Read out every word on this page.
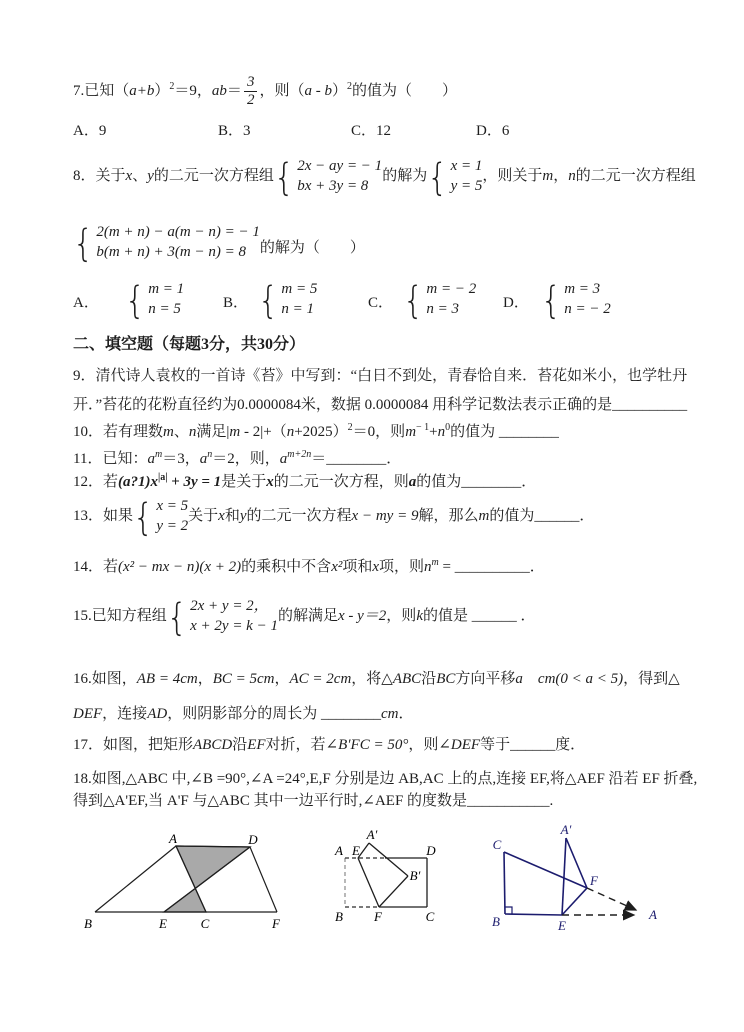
7.已知$(a+b)^2=9$，$ab= \frac{3}{2}$ ，则（a - b）$^2$的值为（　　）
A．9	B．3	C．12	D．6
8．关于x、y的二元一次方程组 { 2x − ay = − 1
bx + 3y = 8
的解为 { x = 1
y = 5
，则关于m，n的二元一次方程组
{ 2(m + n) − a(m − n) = − 1
b(m + n) + 3(m − n) = 8 的解为（　　）
A． { m = 1
n = 5	B． { m = 5
n = 1	C． { m = − 2
n = 3	D． { m = 3
n = − 2
二、填空题（每题3分，共30分）
9．清代诗人袁枚的一首诗《苔》中写到：“白日不到处，青春恰自来．苔花如米小，也学牡丹
开．”苔花的花粉直径约为0.0000084米，数据 0.0000084 用科学记数法表示正确的是__________
10．若有理数m、n满足$|m - 2|+(n+2025)^2=0$，则$m^{- 1}+n^0$的值为 ________
11．已知：$a^m=3$，$a^n=2$，则，$a^{m+2n}=\_\_\_\_\_\_\_\_$．
12．若$(a?1)x^{|a|} + 3y = 1$是关于x的二元一次方程，则a的值为________．
13．如果 { x = 5
y = 2
关于x和y的二元一次方程x − my = 9解，那么m的值为______．
14．若(x² − mx − n)(x + 2)的乘积中不含x²项和x项，则$n^m$ = __________．
15.已知方程组 { 2x + y = 2，
x + 2y = k − 1
的解满足x - y＝2，则k的值是 ______ ．
16.如图，AB = 4cm，BC = 5cm，AC = 2cm，将△ABC沿BC方向平移a　 cm(0 < a < 5)，得到△
DEF，连接AD，则阴影部分的周长为 ________cm．
17．如图，把矩形ABCD沿EF对折，若∠B′FC = 50°，则∠DEF等于______度．
18.如图,△ABC 中,∠B =90°,∠A =24°,E,F 分别是边 AB,AC 上的点,连接 EF,将△AEF 沿若 EF 折叠,
得到△A'EF,当 A'F 与△ABC 其中一边平行时,∠AEF 的度数是___________.
A	D
B	E	C	F
A E
A′
D
B′
B F	C
C
A′
F
B	E
A
